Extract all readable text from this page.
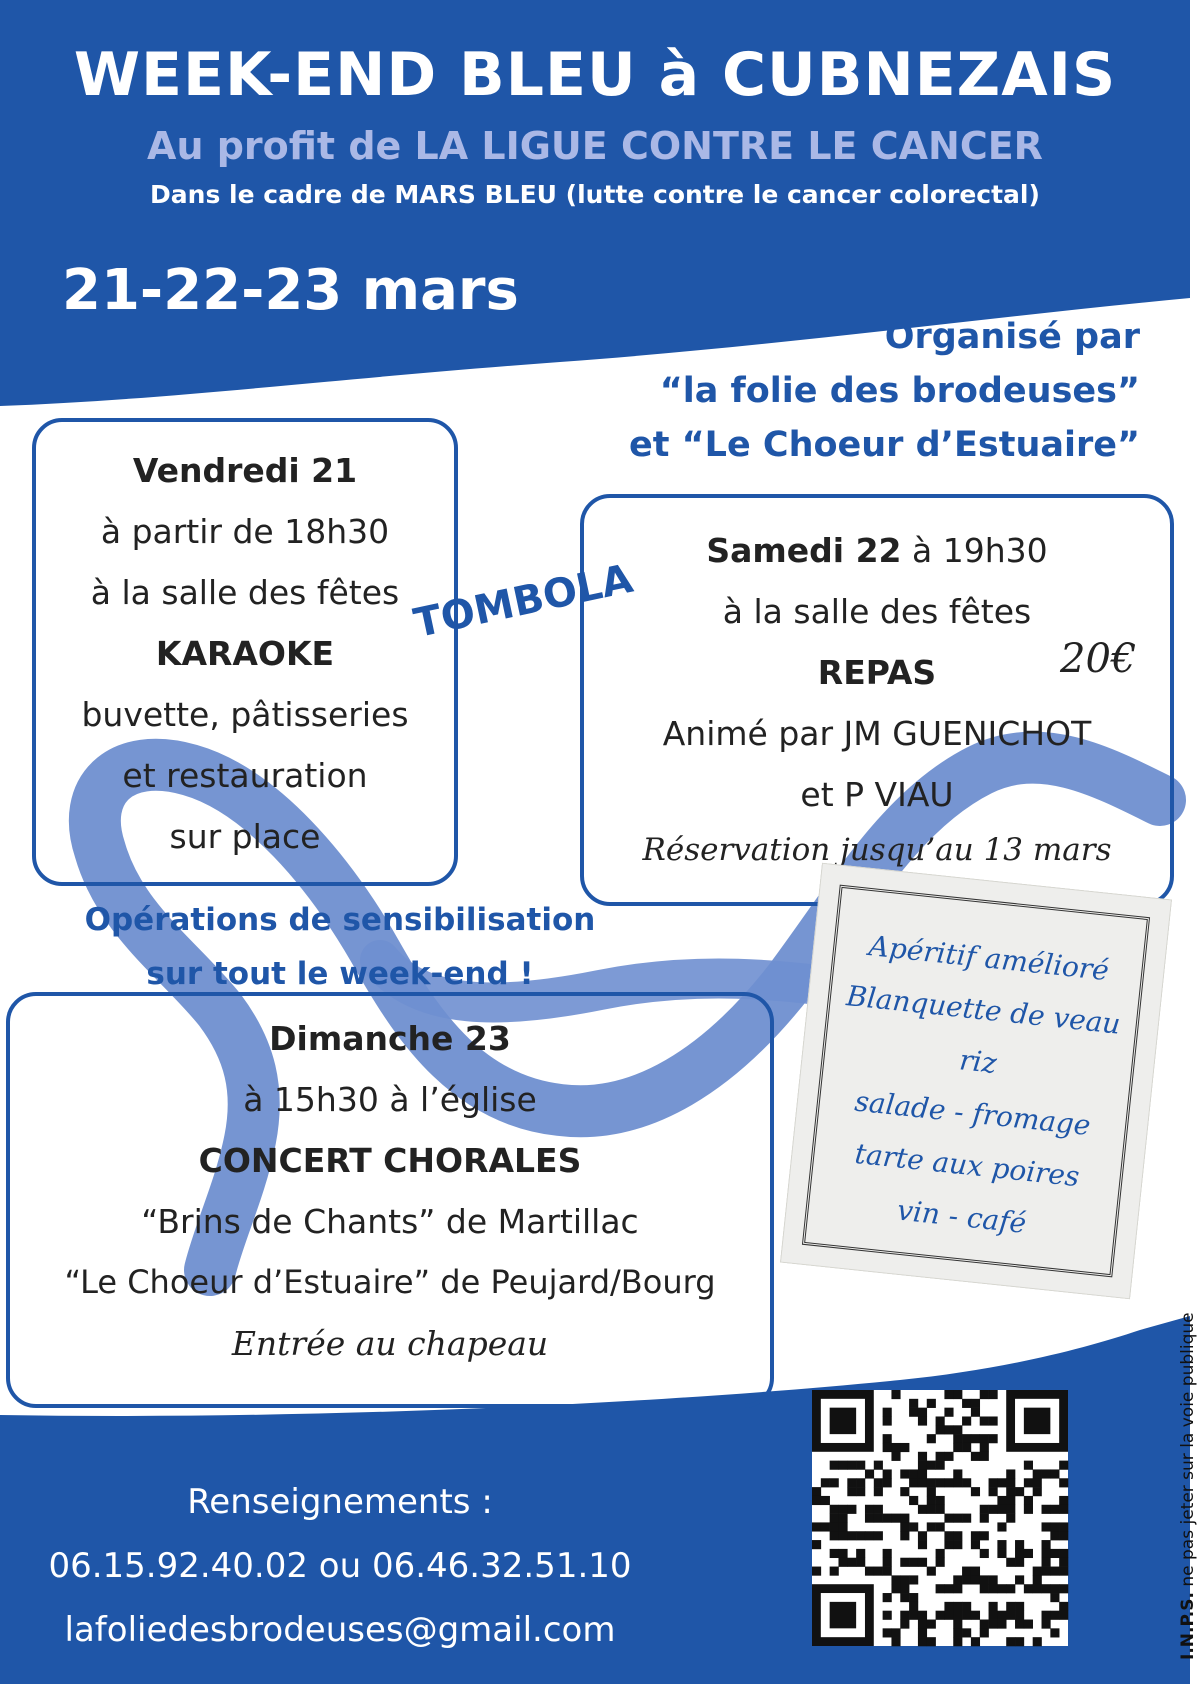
WEEK-END BLEU à CUBNEZAIS
Au profit de LA LIGUE CONTRE LE CANCER
Dans le cadre de MARS BLEU (lutte contre le cancer colorectal)
21-22-23 mars
Organisé par
“la folie des brodeuses”
et “Le Choeur d’Estuaire”
Vendredi 21
à partir de 18h30
à la salle des fêtes
KARAOKE
buvette, pâtisseries
et restauration
sur place
TOMBOLA
Samedi 22 à 19h30
à la salle des fêtes
REPAS
Animé par JM GUENICHOT
et P VIAU
Réservation jusqu’au 13 mars
20€
Opérations de sensibilisation
sur tout le week-end !	Apéritif amélioré
Blanquette de veau
riz
salade - fromage
tarte aux poires
vin - café
Dimanche 23
à 15h30 à l’église
CONCERT CHORALES
“Brins de Chants” de Martillac
“Le Choeur d’Estuaire” de Peujard/Bourg
Entrée au chapeau
Renseignements :
06.15.92.40.02 ou 06.46.32.51.10
lafoliedesbrodeuses@gmail.com	I.N.P.S. ne pas jeter sur la voie publique
